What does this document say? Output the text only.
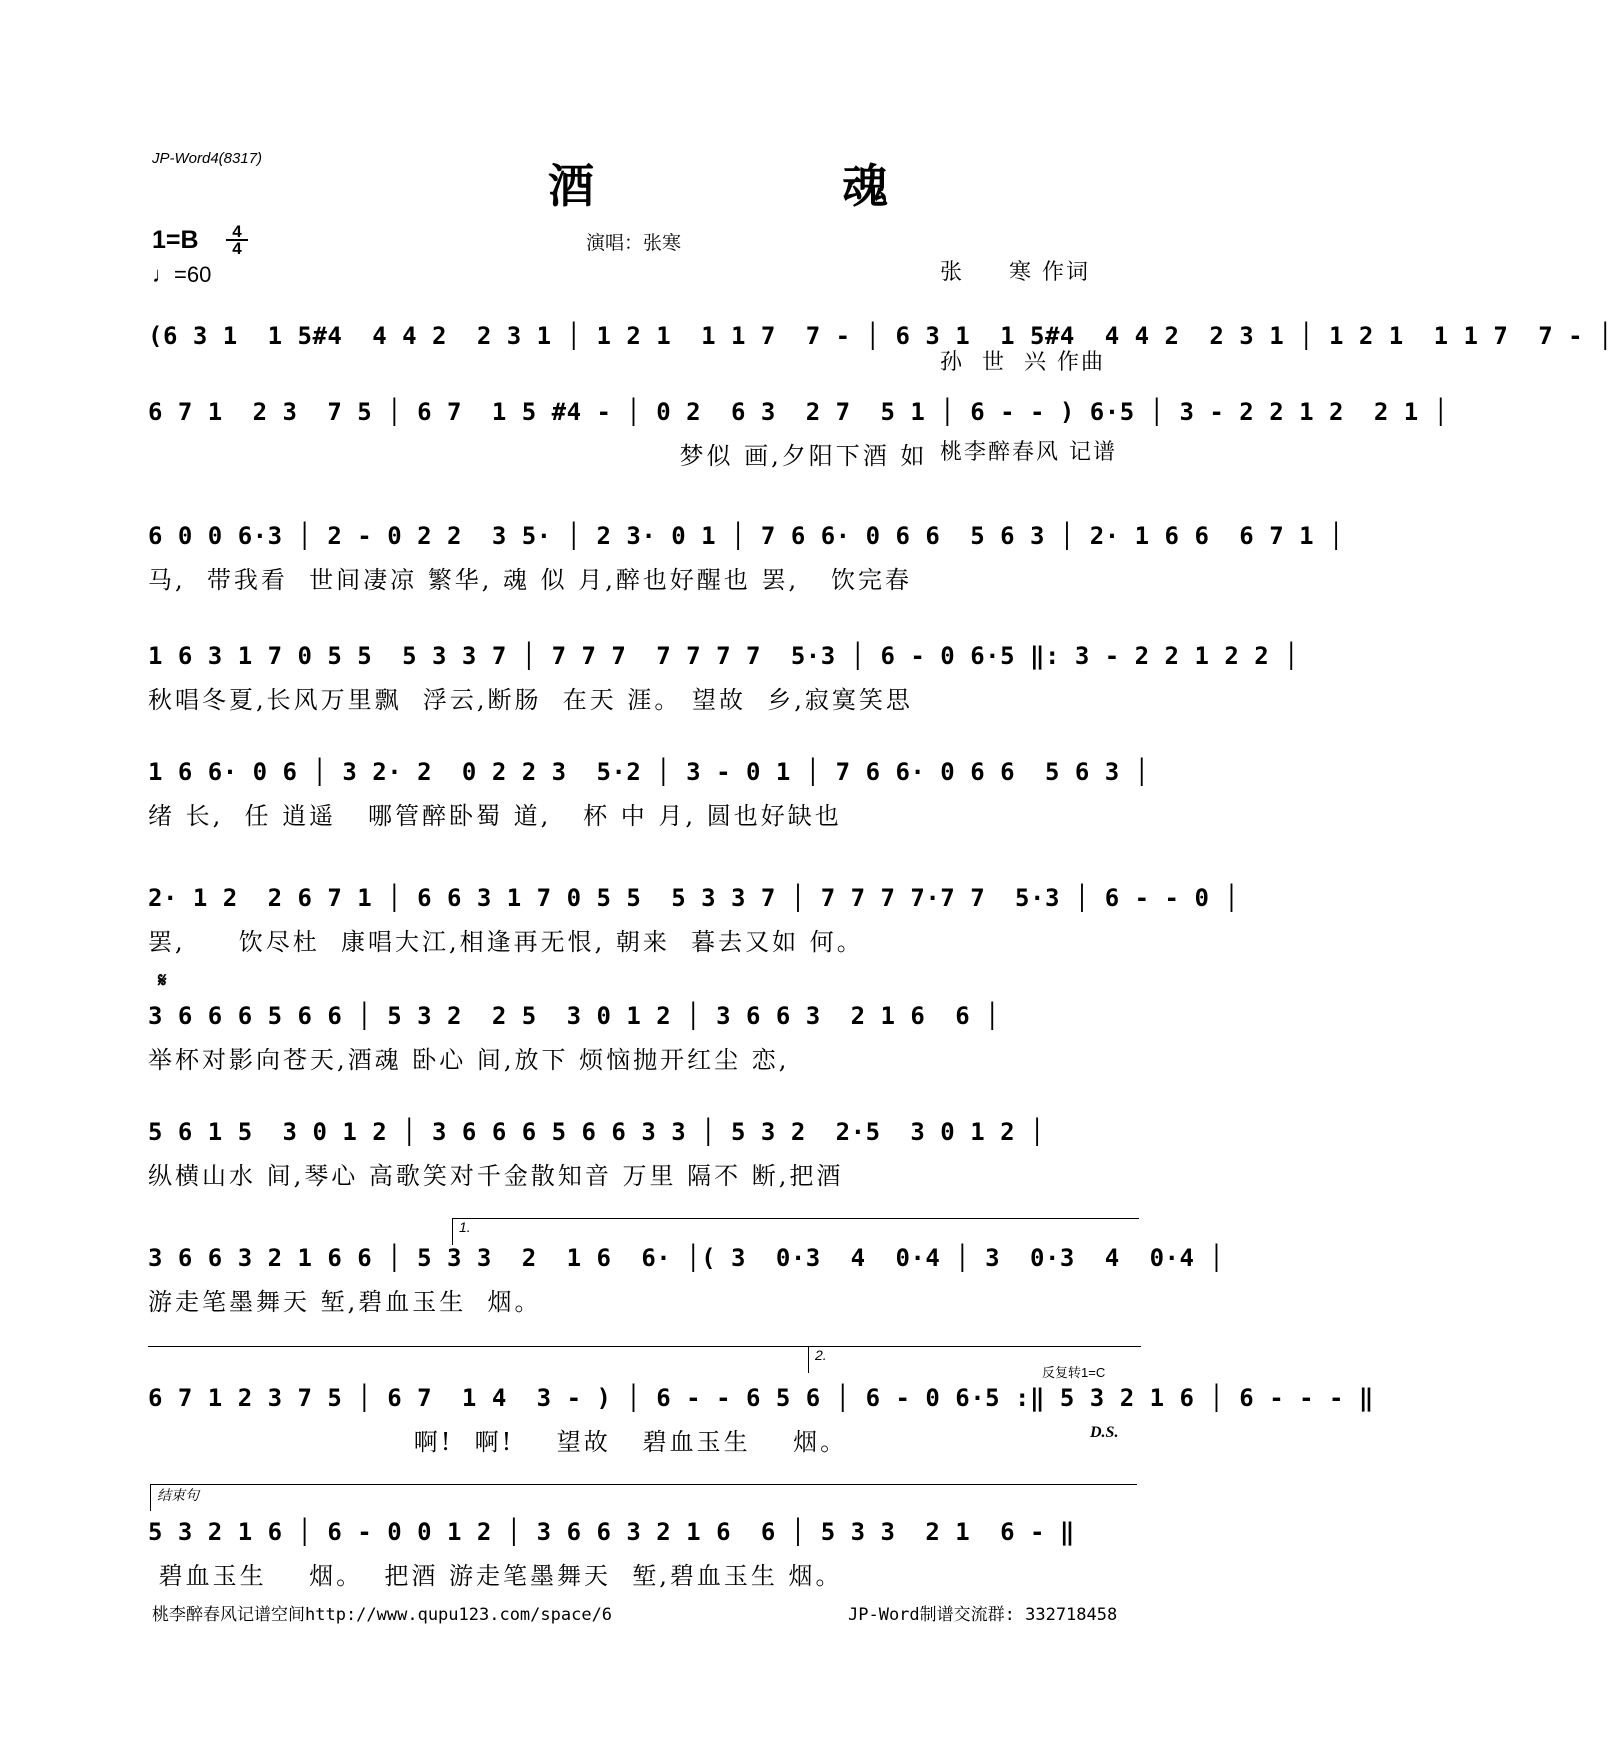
JP-Word4(8317)
酒  魂
$1=B \frac{4}{4}$
♩=60
演唱：张寒

张     寒 作词

孙  世  兴 作曲

桃李醉春风 记谱

(6 3 1  1 5#4  4 4 2  2 3 1 │ 1 2 1  1 1 7  7 - │ 6 3 1  1 5#4  4 4 2  2 3 1 │ 1 2 1  1 1 7  7 - │
6 7 1  2 3  7 5 │ 6 7  1 5 #4 - │ 0 2  6 3  2 7  5 1 │ 6 - - ) 6·5 │ 3 - 2 2 1 2  2 1 │
梦似 画,夕阳下酒 如
6 0 0 6·3 │ 2 - 0 2 2  3 5· │ 2 3· 0 1 │ 7 6 6· 0 6 6  5 6 3 │ 2· 1 6 6  6 7 1 │
马,  带我看  世间凄凉 繁华, 魂 似 月,醉也好醒也 罢,   饮完春
1 6 3 1 7 0 5 5  5 3 3 7 │ 7 7 7  7 7 7 7  5·3 │ 6 - 0 6·5 ‖: 3 - 2 2 1 2 2 │
秋唱冬夏,长风万里飘  浮云,断肠  在天 涯。 望故  乡,寂寞笑思
1 6 6· 0 6 │ 3 2· 2  0 2 2 3  5·2 │ 3 - 0 1 │ 7 6 6· 0 6 6  5 6 3 │
绪 长,  任 逍遥   哪管醉卧蜀 道,   杯 中 月, 圆也好缺也
2· 1 2  2 6 7 1 │ 6 6 3 1 7 0 5 5  5 3 3 7 │ 7 7 7 7·7 7  5·3 │ 6 - - 0 │
罢,     饮尽杜  康唱大江,相逢再无恨, 朝来  暮去又如 何。
𝄋
3 6 6 6 5 6 6 │ 5 3 2  2 5  3 0 1 2 │ 3 6 6 3  2 1 6  6 │
举杯对影向苍天,酒魂 卧心 间,放下 烦恼抛开红尘 恋,
5 6 1 5  3 0 1 2 │ 3 6 6 6 5 6 6 3 3 │ 5 3 2  2·5  3 0 1 2 │
纵横山水 间,琴心 高歌笑对千金散知音 万里 隔不 断,把酒
1.
3 6 6 3 2 1 6 6 │ 5 3 3  2  1 6  6· │( 3  0·3  4  0·4 │ 3  0·3  4  0·4 │
游走笔墨舞天 堑,碧血玉生  烟。
2.
反复转1=C
6 7 1 2 3 7 5 │ 6 7  1 4  3 - ) │ 6 - - 6 5 6 │ 6 - 0 6·5 :‖ 5 3 2 1 6 │ 6 - - - ‖
啊!  啊!    望故   碧血玉生    烟。	D.S.
结束句
5 3 2 1 6 │ 6 - 0 0 1 2 │ 3 6 6 3 2 1 6  6 │ 5 3 3  2 1  6 - ‖
碧血玉生    烟。  把酒 游走笔墨舞天  堑,碧血玉生 烟。
桃李醉春风记谱空间http://www.qupu123.com/space/6	JP-Word制谱交流群: 332718458
